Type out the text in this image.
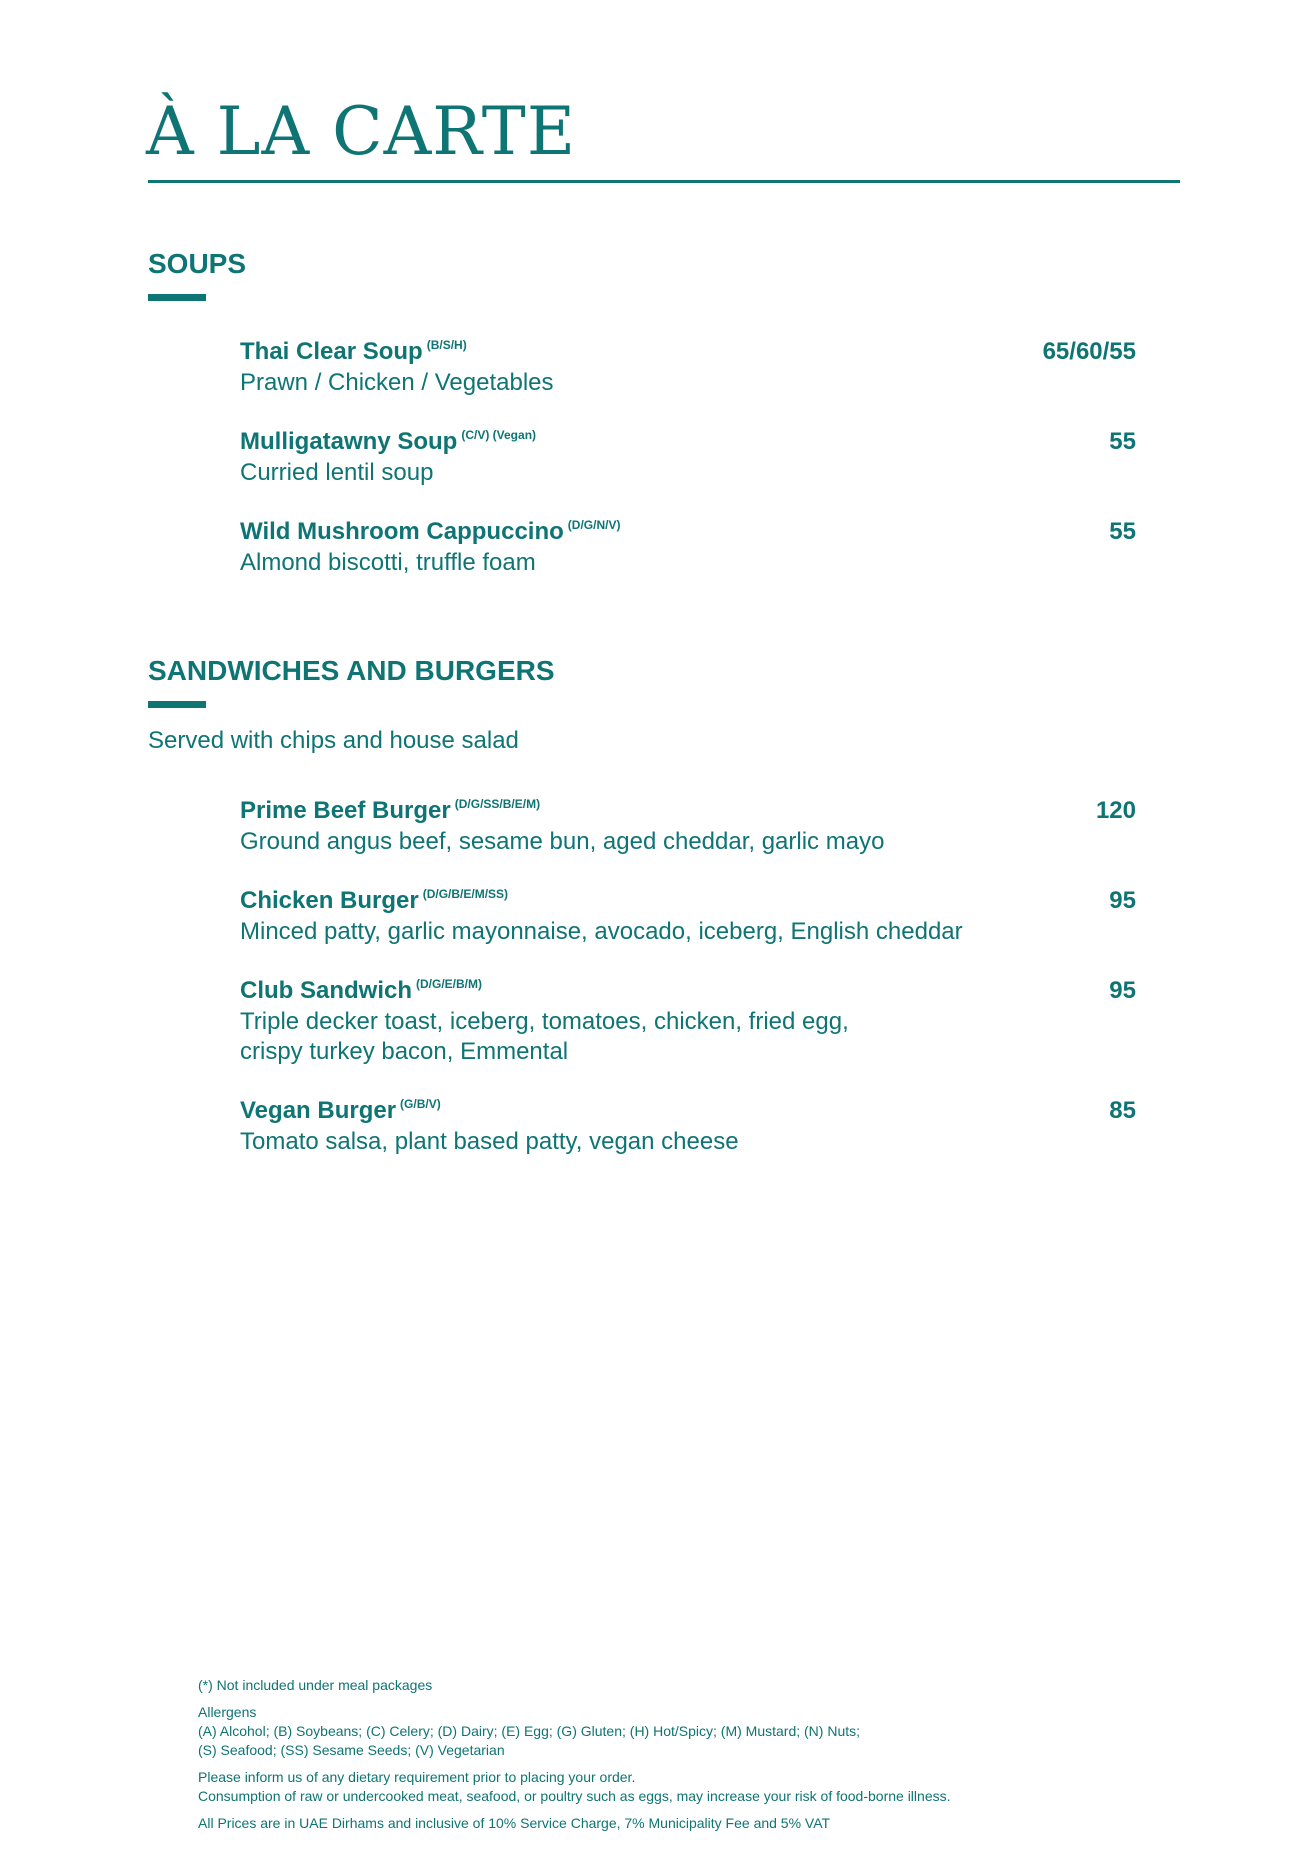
À LA CARTE
SOUPS
Thai Clear Soup $^{(B/S/H)}$	65/60/55
Prawn / Chicken / Vegetables
Mulligatawny Soup $^{(C/V) (Vegan)}$	55
Curried lentil soup
Wild Mushroom Cappuccino $^{(D/G/N/V)}$	55
Almond biscotti, truffle foam
SANDWICHES AND BURGERS
Served with chips and house salad
Prime Beef Burger $^{(D/G/SS/B/E/M)}$	120
Ground angus beef, sesame bun, aged cheddar, garlic mayo
Chicken Burger $^{(D/G/B/E/M/SS)}$	95
Minced patty, garlic mayonnaise, avocado, iceberg, English cheddar
Club Sandwich $^{(D/G/E/B/M)}$	95
Triple decker toast, iceberg, tomatoes, chicken, fried egg,
crispy turkey bacon, Emmental
Vegan Burger $^{(G/B/V)}$	85
Tomato salsa, plant based patty, vegan cheese

(*) Not included under meal packages

Allergens

(A) Alcohol; (B) Soybeans; (C) Celery; (D) Dairy; (E) Egg; (G) Gluten; (H) Hot/Spicy; (M) Mustard; (N) Nuts;

(S) Seafood; (SS) Sesame Seeds; (V) Vegetarian

Please inform us of any dietary requirement prior to placing your order.

Consumption of raw or undercooked meat, seafood, or poultry such as eggs, may increase your risk of food-borne illness.

All Prices are in UAE Dirhams and inclusive of 10% Service Charge, 7% Municipality Fee and 5% VAT
